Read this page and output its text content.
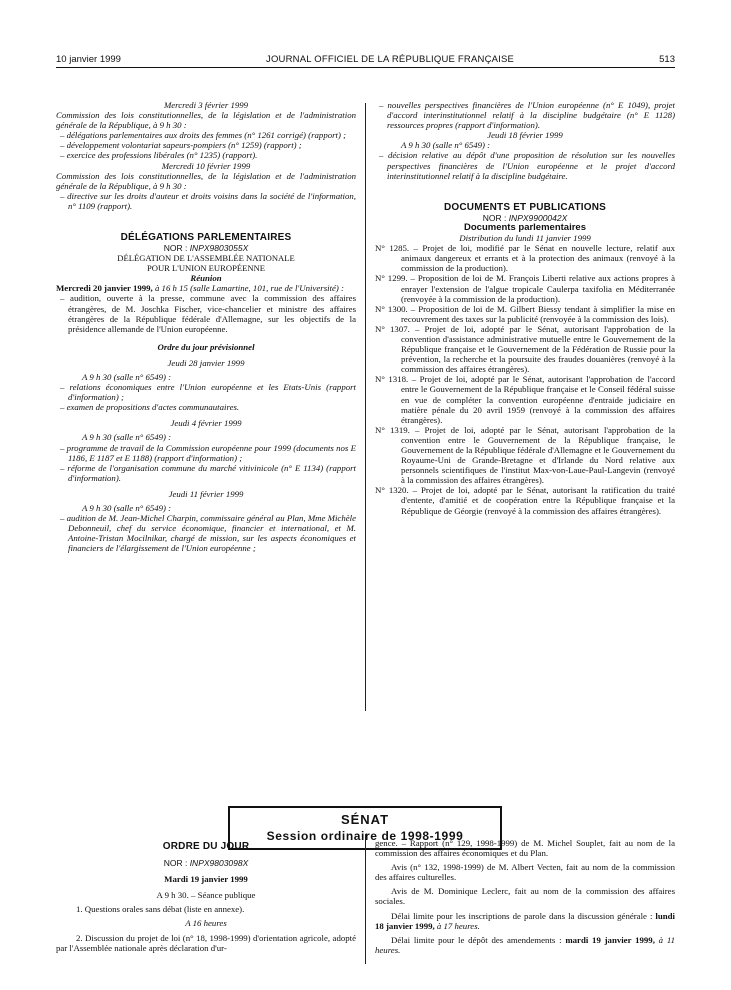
10 janvier 1999	JOURNAL OFFICIEL DE LA RÉPUBLIQUE FRANÇAISE	513

Mercredi 3 février 1999

Commission des lois constitutionnelles, de la législation et de l'administration générale de la République, à 9 h 30 :

– délégations parlementaires aux droits des femmes (n° 1261 corrigé) (rapport) ;

– développement volontariat sapeurs-pompiers (n° 1259) (rapport) ;

– exercice des professions libérales (n° 1235) (rapport).

Mercredi 10 février 1999

Commission des lois constitutionnelles, de la législation et de l'administration générale de la République, à 9 h 30 :

– directive sur les droits d'auteur et droits voisins dans la société de l'information, n° 1109 (rapport).

DÉLÉGATIONS PARLEMENTAIRES

NOR : INPX9803055X

DÉLÉGATION DE L'ASSEMBLÉE NATIONALE
POUR L'UNION EUROPÉENNE

Réunion

Mercredi 20 janvier 1999, à 16 h 15 (salle Lamartine, 101, rue de l'Université) :

– audition, ouverte à la presse, commune avec la commission des affaires étrangères, de M. Joschka Fischer, vice-chancelier et ministre des affaires étrangères de la République fédérale d'Allemagne, sur les objectifs de la présidence allemande de l'Union européenne.

Ordre du jour prévisionnel

Jeudi 28 janvier 1999

A 9 h 30 (salle n° 6549) :

– relations économiques entre l'Union européenne et les Etats-Unis (rapport d'information) ;

– examen de propositions d'actes communautaires.

Jeudi 4 février 1999

A 9 h 30 (salle n° 6549) :

– programme de travail de la Commission européenne pour 1999 (documents nos E 1186, E 1187 et E 1188) (rapport d'information) ;

– réforme de l'organisation commune du marché vitivinicole (n° E 1134) (rapport d'information).

Jeudi 11 février 1999

A 9 h 30 (salle n° 6549) :

– audition de M. Jean-Michel Charpin, commissaire général au Plan, Mme Michèle Debonneuil, chef du service économique, financier et international, et M. Antoine-Tristan Mocilnikar, chargé de mission, sur les aspects économiques et financiers de l'élargissement de l'Union européenne ;

– nouvelles perspectives financières de l'Union européenne (n° E 1049), projet d'accord interinstitutionnel relatif à la discipline budgétaire (n° E 1128) ressources propres (rapport d'information).

Jeudi 18 février 1999

A 9 h 30 (salle n° 6549) :

– décision relative au dépôt d'une proposition de résolution sur les nouvelles perspectives financières de l'Union européenne et le projet d'accord interinstitutionnel relatif à la discipline budgétaire.

DOCUMENTS ET PUBLICATIONS

NOR : INPX9900042X

Documents parlementaires

Distribution du lundi 11 janvier 1999

N° 1285. – Projet de loi, modifié par le Sénat en nouvelle lecture, relatif aux animaux dangereux et errants et à la protection des animaux (renvoyé à la commission de la production).

N° 1299. – Proposition de loi de M. François Liberti relative aux actions propres à enrayer l'extension de l'algue tropicale Caulerpa taxifolia en Méditerranée (renvoyée à la commission de la production).

N° 1300. – Proposition de loi de M. Gilbert Biessy tendant à simplifier la mise en recouvrement des taxes sur la publicité (renvoyée à la commission des lois).

N° 1307. – Projet de loi, adopté par le Sénat, autorisant l'approbation de la convention d'assistance administrative mutuelle entre le Gouvernement de la République française et le Gouvernement de la Fédération de Russie pour la prévention, la recherche et la poursuite des fraudes douanières (renvoyé à la commission des affaires étrangères).

N° 1318. – Projet de loi, adopté par le Sénat, autorisant l'approbation de l'accord entre le Gouvernement de la République française et le Conseil fédéral suisse en vue de compléter la convention européenne d'entraide judiciaire en matière pénale du 20 avril 1959 (renvoyé à la commission des affaires étrangères).

N° 1319. – Projet de loi, adopté par le Sénat, autorisant l'approbation de la convention entre le Gouvernement de la République française, le Gouvernement de la République fédérale d'Allemagne et le Gouvernement du Royaume-Uni de Grande-Bretagne et d'Irlande du Nord relative aux personnels scientifiques de l'institut Max-von-Laue-Paul-Langevin (renvoyé à la commission des affaires étrangères).

N° 1320. – Projet de loi, adopté par le Sénat, autorisant la ratification du traité d'entente, d'amitié et de coopération entre la République française et la République de Géorgie (renvoyé à la commission des affaires étrangères).

SÉNAT
Session ordinaire de 1998-1999

ORDRE DU JOUR

NOR : INPX9803098X

Mardi 19 janvier 1999

A 9 h 30. – Séance publique

1. Questions orales sans débat (liste en annexe).

A 16 heures

2. Discussion du projet de loi (n° 18, 1998-1999) d'orientation agricole, adopté par l'Assemblée nationale après déclaration d'ur-

gence. – Rapport (n° 129, 1998-1999) de M. Michel Souplet, fait au nom de la commission des affaires économiques et du Plan.

Avis (n° 132, 1998-1999) de M. Albert Vecten, fait au nom de la commission des affaires culturelles.

Avis de M. Dominique Leclerc, fait au nom de la commission des affaires sociales.

Délai limite pour les inscriptions de parole dans la discussion générale : lundi 18 janvier 1999, à 17 heures.

Délai limite pour le dépôt des amendements : mardi 19 janvier 1999, à 11 heures.
